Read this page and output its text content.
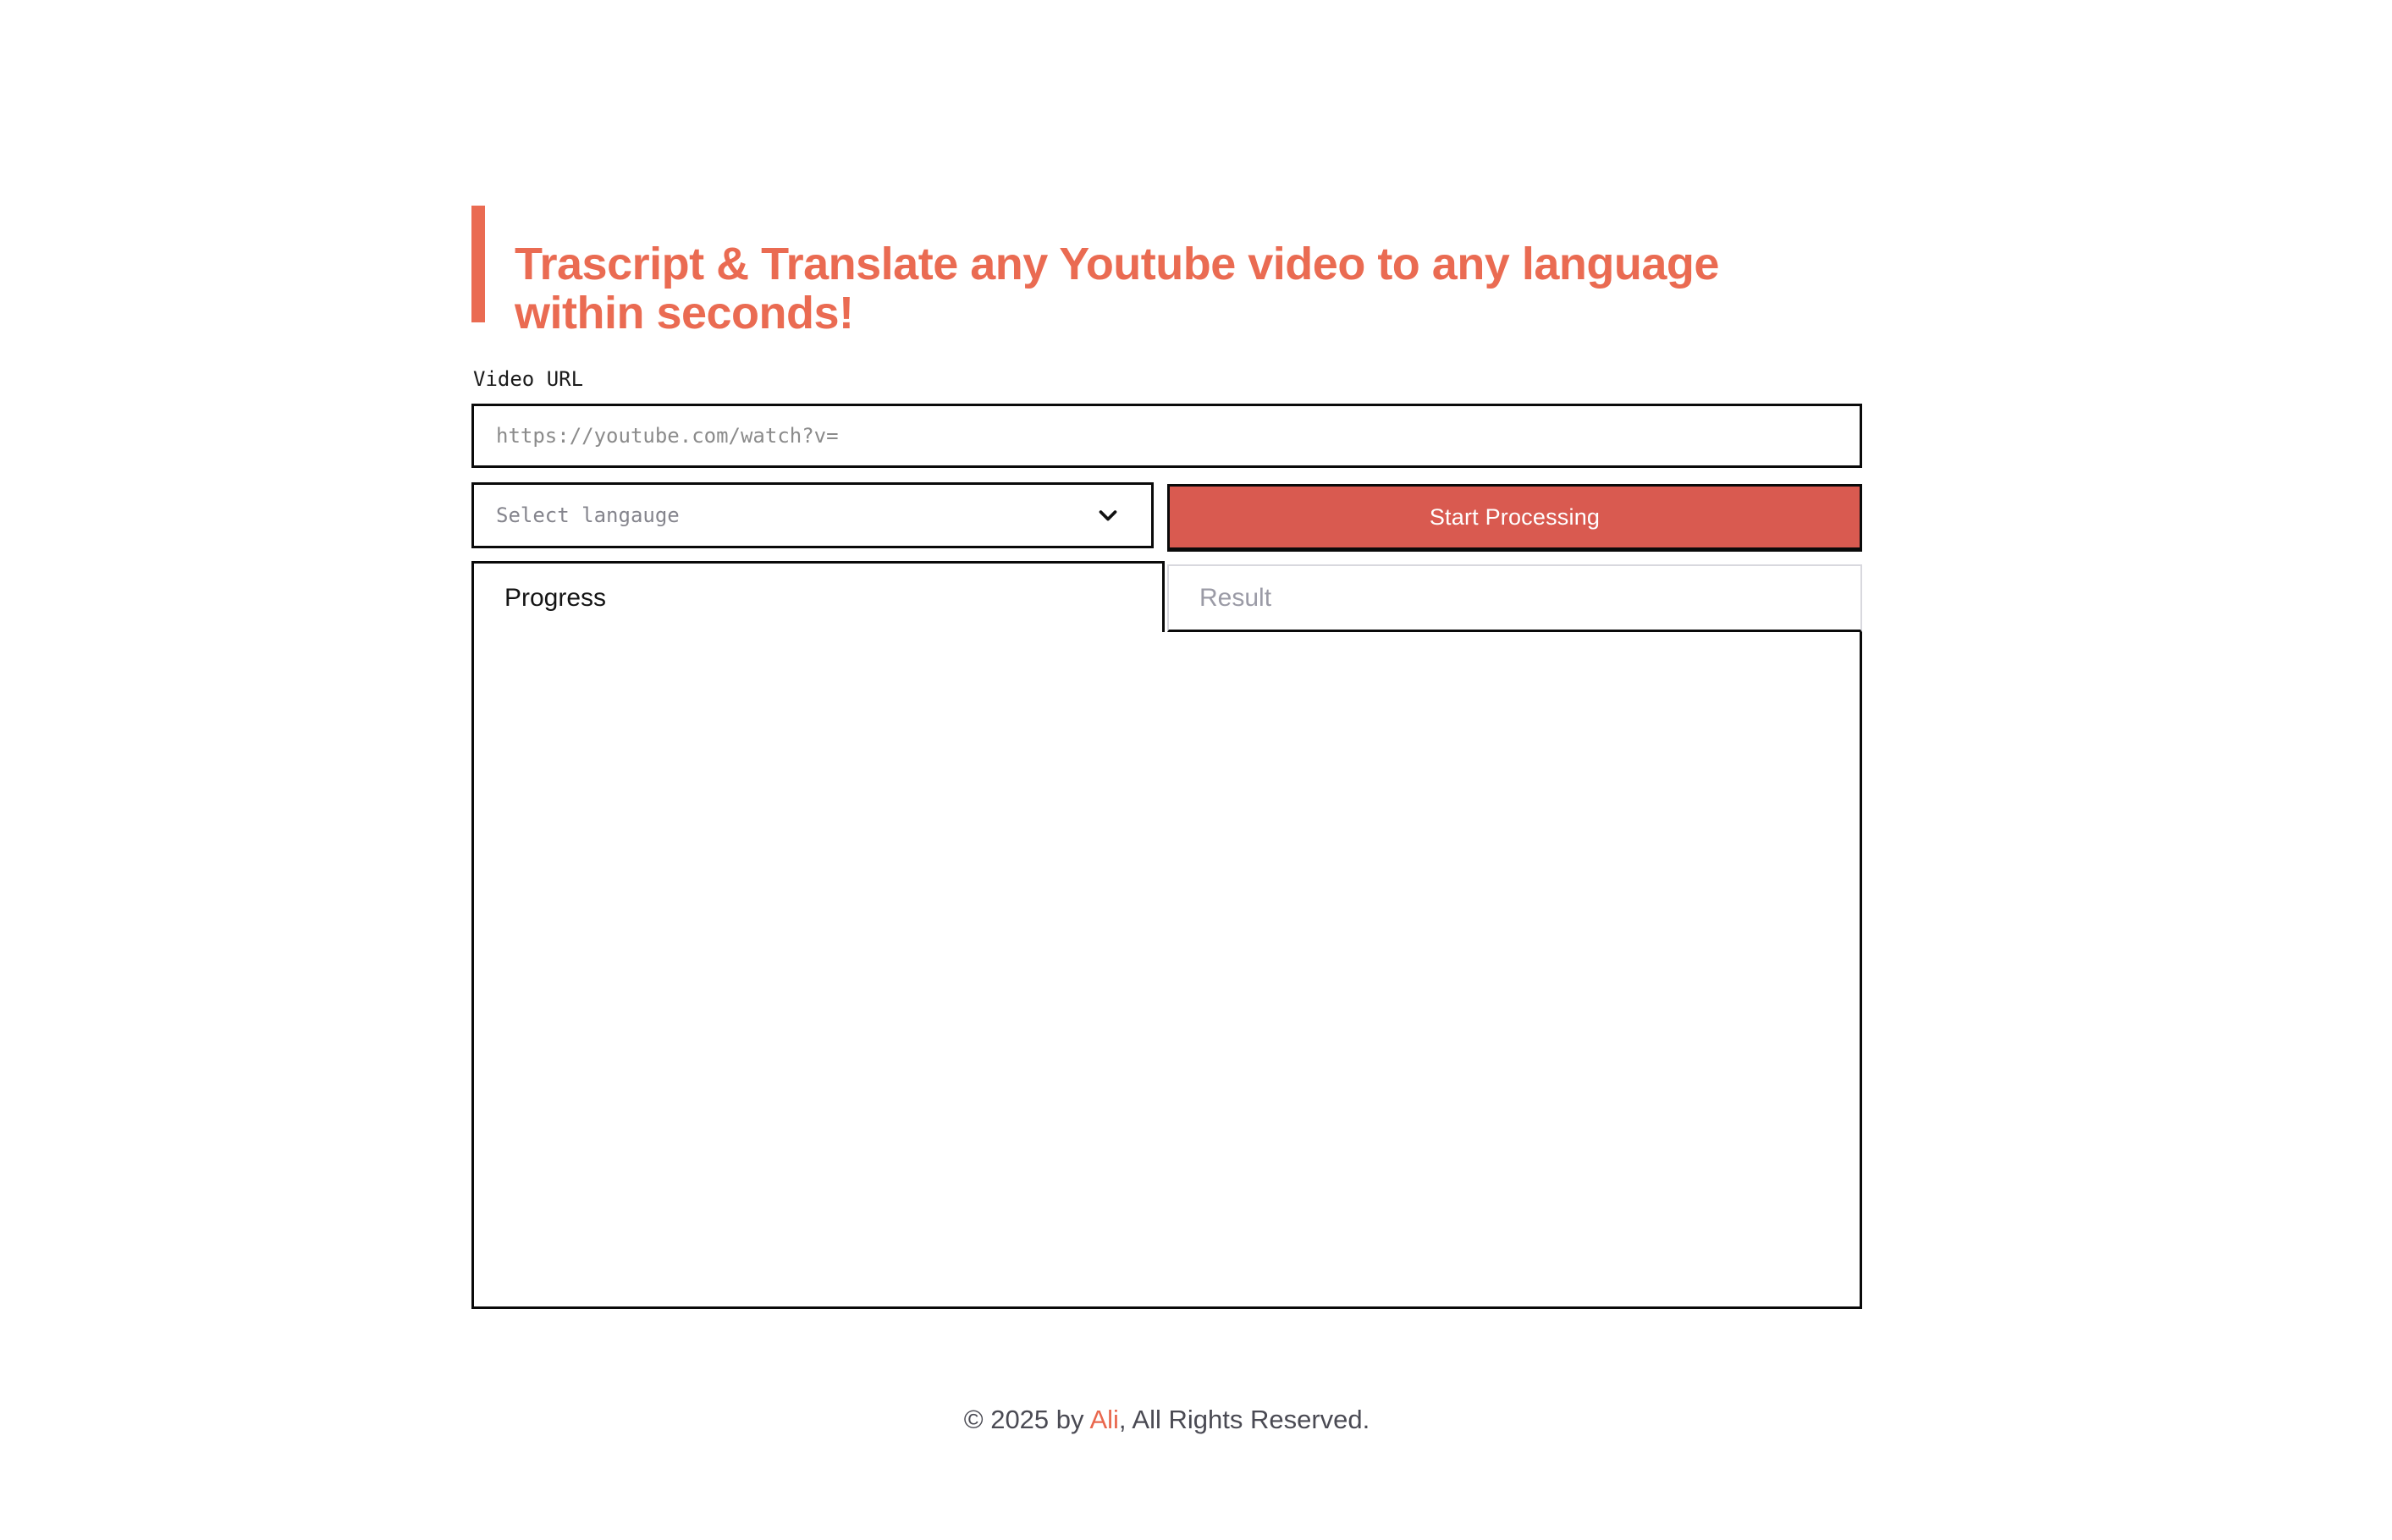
Trascript & Translate any Youtube video to any language
within seconds!
Video URL
https://youtube.com/watch?v=
Select langauge	Start Processing
Progress	Result
© 2025 by Ali, All Rights Reserved.
